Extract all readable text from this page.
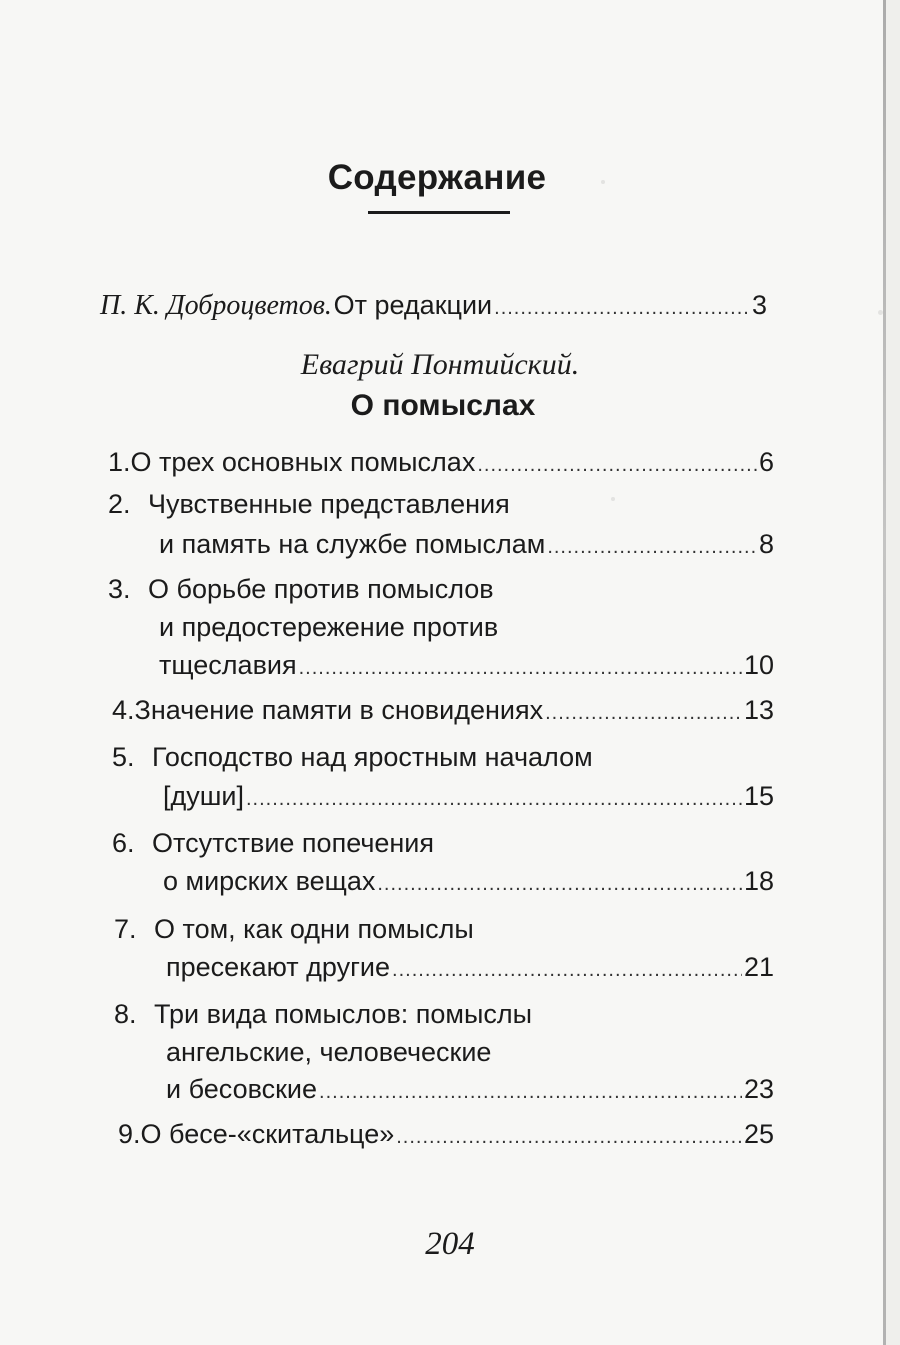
Содержание
П. К. Доброцветов. От редакции .....	3
Евагрий Понтийский.
О помыслах
1. О трех основных помыслах .....	6
2. Чувственные представления
и память на службе помыслам .....	8
3. О борьбе против помыслов
и предостережение против
тщеславия .....	10
4. Значение памяти в сновидениях .....	13
5. Господство над яростным началом
[души] .....	15
6. Отсутствие попечения
о мирских вещах .....	18
7. О том, как одни помыслы
пресекают другие .....	21
8. Три вида помыслов: помыслы
ангельские, человеческие
и бесовские .....	23
9. О бесе-«скитальце» .....	25
204
